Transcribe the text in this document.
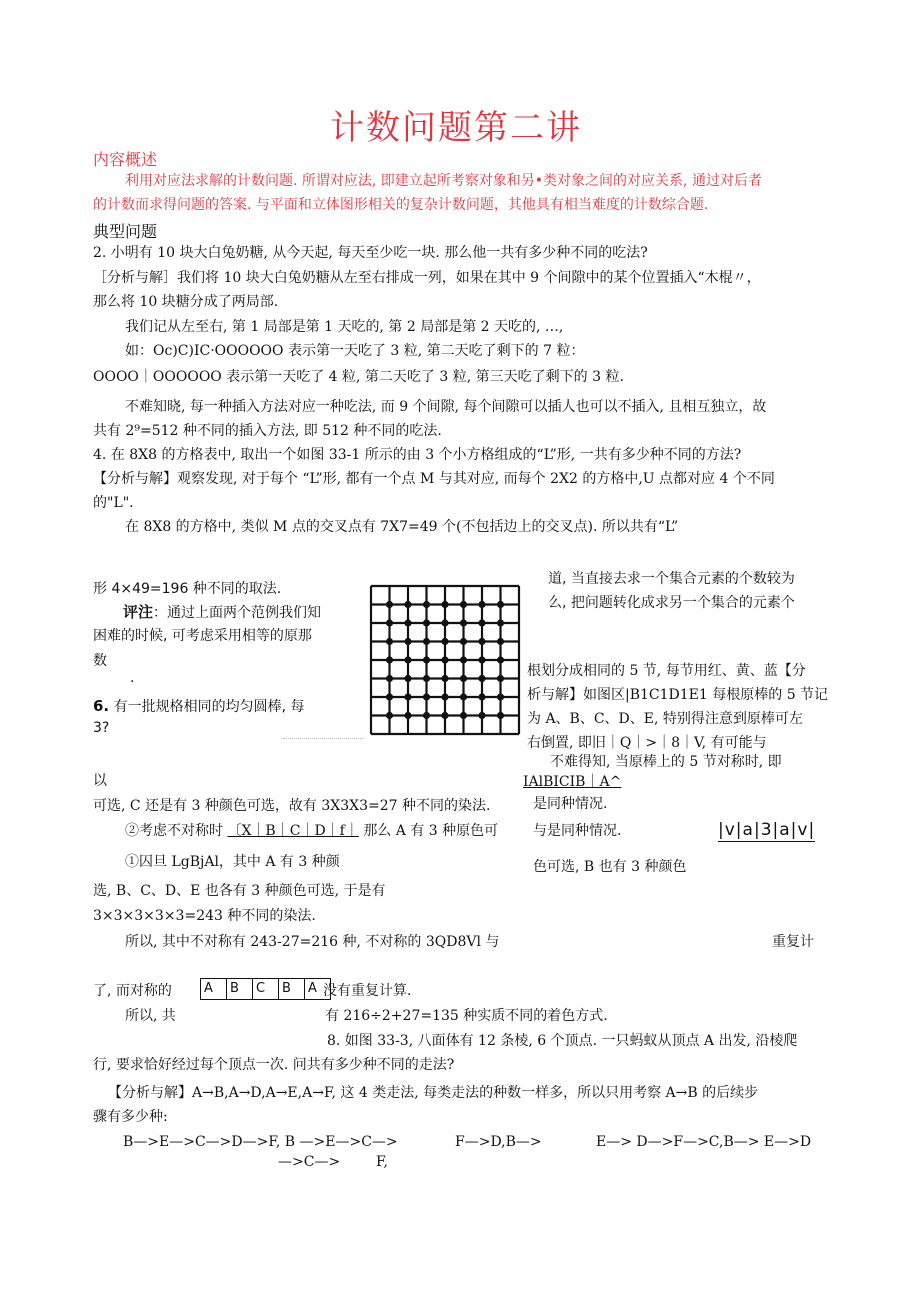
计数问题第二讲
内容概述
利用对应法求解的计数问题. 所谓对应法, 即建立起所考察对象和另•类对象之间的对应关系, 通过对后者
的计数而求得问题的答案. 与平面和立体图形相关的复杂计数问题，其他具有相当难度的计数综合题.
典型问题
2. 小明有 10 块大白兔奶糖, 从今天起, 每天至少吃一块. 那么他一共有多少种不同的吃法?
［分析与解］我们将 10 块大白兔奶糖从左至右排成一列，如果在其中 9 个间隙中的某个位置插入“木棍〃，
那么将 10 块糖分成了两局部.
我们记从左至右, 第 1 局部是第 1 天吃的, 第 2 局部是第 2 天吃的, …,
如：Oc)C)IC·OOOOOO 表示第一天吃了 3 粒, 第二天吃了剩下的 7 粒：
OOOO｜OOOOOO 表示第一天吃了 4 粒, 第二天吃了 3 粒, 第三天吃了剩下的 3 粒.
不难知晓, 每一种插入方法对应一种吃法, 而 9 个间隙, 每个间隙可以插人也可以不插入, 且相互独立，故
共有 2⁹=512 种不同的插入方法, 即 512 种不同的吃法.
4. 在 8X8 的方格表中, 取出一个如图 33-1 所示的由 3 个小方格组成的“L”形, 一共有多少种不同的方法?
【分析与解】观察发现, 对于每个 “L”形, 都有一个点 M 与其对应, 而每个 2X2 的方格中,U 点都对应 4 个不同
的"L".
在 8X8 的方格中, 类似 M 点的交叉点有 7X7=49 个(不包括边上的交叉点). 所以共有“L”
形 4×49=196 种不同的取法.
评注：通过上面两个范例我们知
困难的时候, 可考虑采用相等的原那
数
.
6. 有一批规格相同的均匀圆棒, 每
3?
道, 当直接去求一个集合元素的个数较为
么, 把问题转化成求另一个集合的元素个
根划分成相同的 5 节, 每节用红、黄、蓝【分
析与解】如图区|B1C1D1E1 每根原棒的 5 节记
为 A、B、C、D、E, 特别得注意到原棒可左
右倒置, 即旧｜Q｜>｜8｜V, 有可能与
不难得知, 当原棒上的 5 节对称时, 即
IAlBICIB｜A^
是同种情况.
与是同种情况.	|v|a|3|a|v|
色可选, B 也有 3 种颜色
以
可选, C 还是有 3 种颜色可选，故有 3X3X3=27 种不同的染法.
②考虑不对称时 〔X｜B｜C｜D｜f｜ 那么 A 有 3 种原色可
①囚旦 LgBjAl，其中 A 有 3 种颜
选, B、C、D、E 也各有 3 种颜色可选, 于是有
3×3×3×3×3=243 种不同的染法.
所以, 其中不对称有 243-27=216 种, 不对称的 3QD8Vl 与	重复计
了, 而对称的 A	B	C	B	A 没有重复计算.
所以, 共	有 216÷2+27=135 种实质不同的着色方式.
8. 如图 33-3, 八面体有 12 条棱, 6 个顶点. 一只蚂蚁从顶点 A 出发, 沿棱爬
行, 要求恰好经过每个顶点一次. 问共有多少种不同的走法?
【分析与解】A→B,A→D,A→E,A→F, 这 4 类走法, 每类走法的种数一样多，所以只用考察 A→B 的后续步
骤有多少种:
B—>E—>C—>D—>F, B —>E—>C—>	F—>D,B—>	E—> D—>F—>C,B—> E—>D
—>C—>	F,
